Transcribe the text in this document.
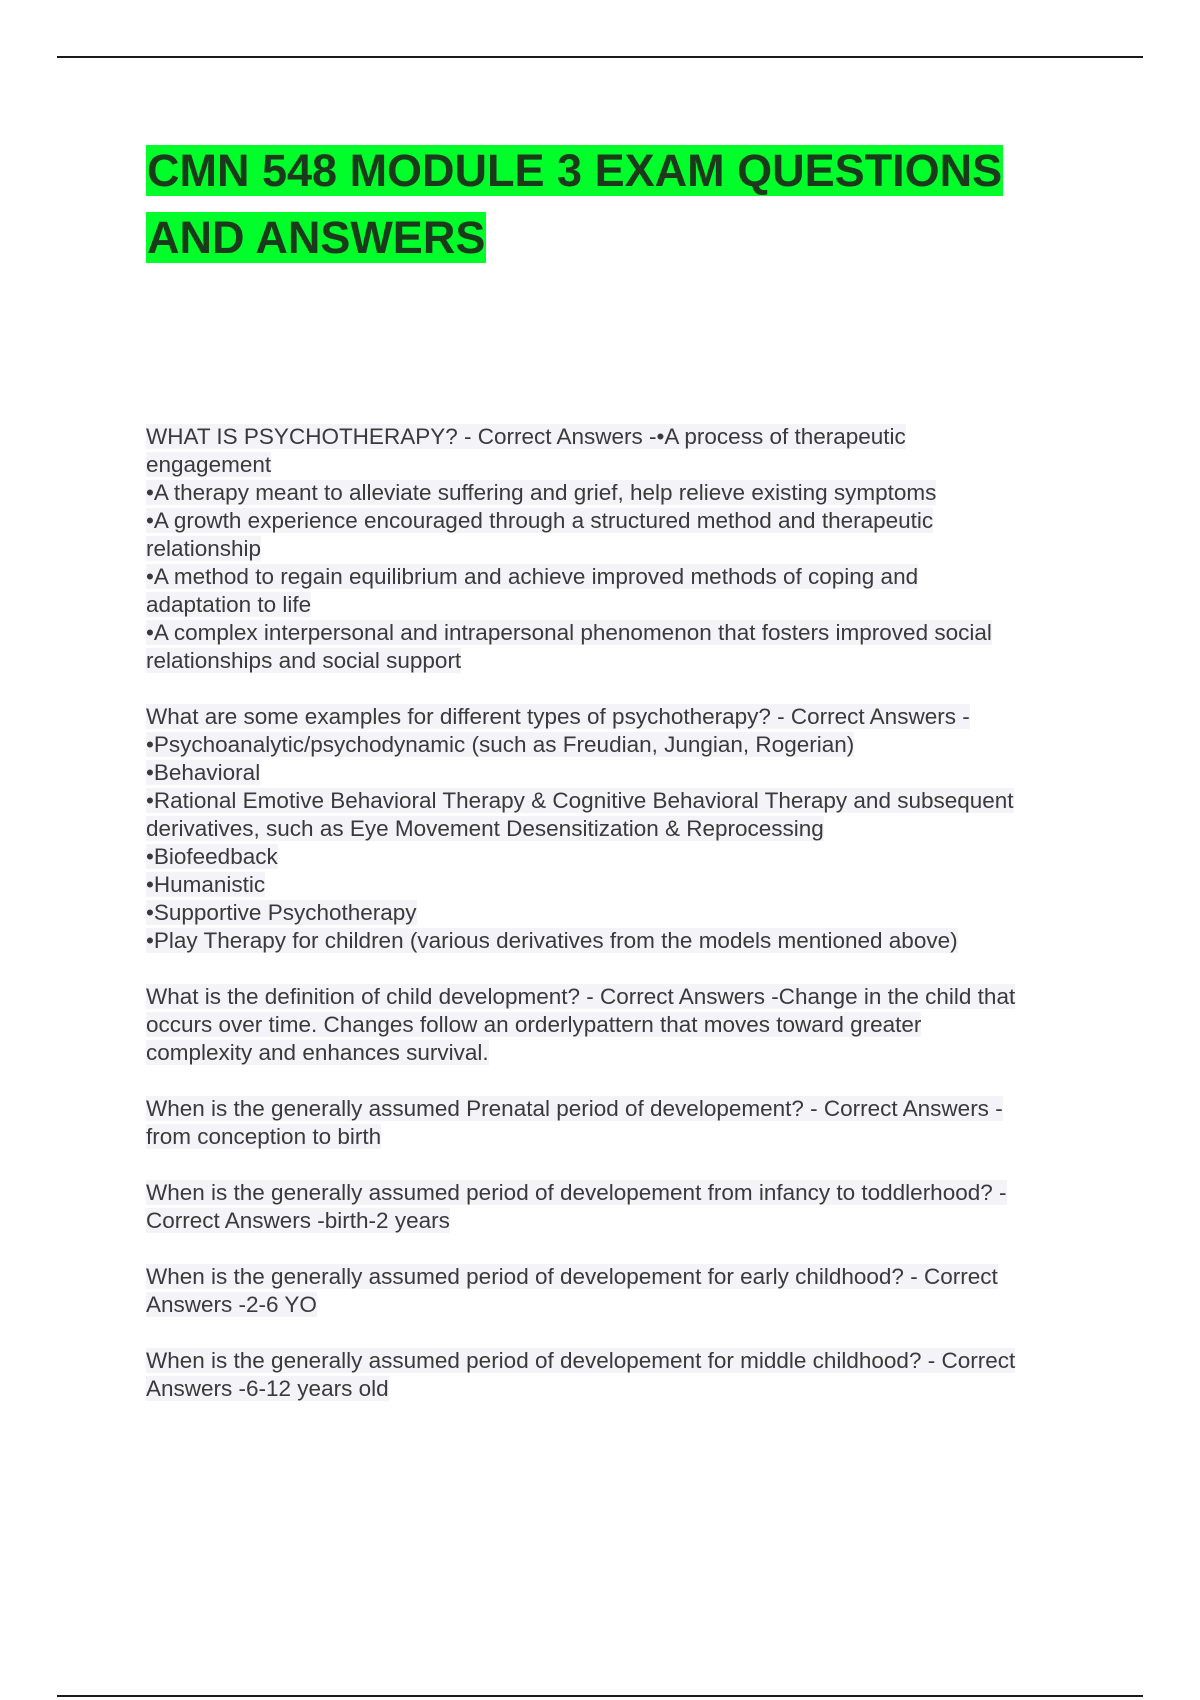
CMN 548 MODULE 3 EXAM QUESTIONS
AND ANSWERS
WHAT IS PSYCHOTHERAPY? - Correct Answers -•A process of therapeutic
engagement
•A therapy meant to alleviate suffering and grief, help relieve existing symptoms
•A growth experience encouraged through a structured method and therapeutic
relationship
•A method to regain equilibrium and achieve improved methods of coping and
adaptation to life
•A complex interpersonal and intrapersonal phenomenon that fosters improved social
relationships and social support
What are some examples for different types of psychotherapy? - Correct Answers -
•Psychoanalytic/psychodynamic (such as Freudian, Jungian, Rogerian)
•Behavioral
•Rational Emotive Behavioral Therapy & Cognitive Behavioral Therapy and subsequent
derivatives, such as Eye Movement Desensitization & Reprocessing
•Biofeedback
•Humanistic
•Supportive Psychotherapy
•Play Therapy for children (various derivatives from the models mentioned above)
What is the definition of child development? - Correct Answers -Change in the child that
occurs over time. Changes follow an orderlypattern that moves toward greater
complexity and enhances survival.
When is the generally assumed Prenatal period of developement? - Correct Answers -
from conception to birth
When is the generally assumed period of developement from infancy to toddlerhood? -
Correct Answers -birth-2 years
When is the generally assumed period of developement for early childhood? - Correct
Answers -2-6 YO
When is the generally assumed period of developement for middle childhood? - Correct
Answers -6-12 years old
